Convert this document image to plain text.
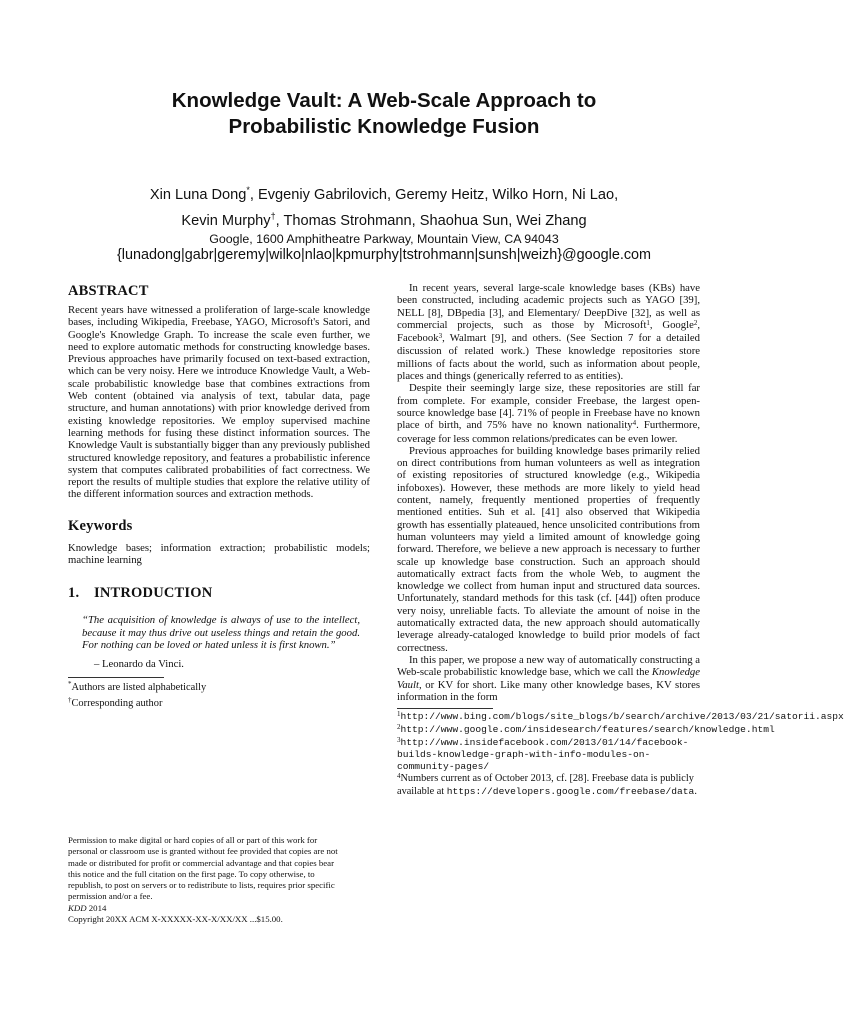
Knowledge Vault: A Web-Scale Approach to
Probabilistic Knowledge Fusion
Xin Luna Dong*, Evgeniy Gabrilovich, Geremy Heitz, Wilko Horn, Ni Lao,
Kevin Murphy†, Thomas Strohmann, Shaohua Sun, Wei Zhang
Google, 1600 Amphitheatre Parkway, Mountain View, CA 94043
{lunadong|gabr|geremy|wilko|nlao|kpmurphy|tstrohmann|sunsh|weizh}@google.com
ABSTRACT

Recent years have witnessed a proliferation of large-scale knowledge bases, including Wikipedia, Freebase, YAGO, Microsoft's Satori, and Google's Knowledge Graph. To increase the scale even further, we need to explore automatic methods for constructing knowledge bases. Previous approaches have primarily focused on text-based extraction, which can be very noisy. Here we introduce Knowledge Vault, a Web-scale probabilistic knowledge base that combines extractions from Web content (obtained via analysis of text, tabular data, page structure, and human annotations) with prior knowledge derived from existing knowledge repositories. We employ supervised machine learning methods for fusing these distinct information sources. The Knowledge Vault is substantially bigger than any previously published structured knowledge repository, and features a probabilistic inference system that computes calibrated probabilities of fact correctness. We report the results of multiple studies that explore the relative utility of the different information sources and extraction methods.

Keywords

Knowledge bases; information extraction; probabilistic models; machine learning

1. INTRODUCTION
“The acquisition of knowledge is always of use to the intellect, because it may thus drive out useless things and retain the good. For nothing can be loved or hated unless it is first known.”
– Leonardo da Vinci.
*Authors are listed alphabetically
†Corresponding author
Permission to make digital or hard copies of all or part of this work for personal or classroom use is granted without fee provided that copies are not made or distributed for profit or commercial advantage and that copies bear this notice and the full citation on the first page. To copy otherwise, to republish, to post on servers or to redistribute to lists, requires prior specific permission and/or a fee.
KDD 2014
Copyright 20XX ACM X-XXXXX-XX-X/XX/XX ...$15.00.

In recent years, several large-scale knowledge bases (KBs) have been constructed, including academic projects such as YAGO [39], NELL [8], DBpedia [3], and Elementary/ DeepDive [32], as well as commercial projects, such as those by Microsoft$^1$, Google$^2$, Facebook$^3$, Walmart [9], and others. (See Section 7 for a detailed discussion of related work.) These knowledge repositories store millions of facts about the world, such as information about people, places and things (generically referred to as entities).

Despite their seemingly large size, these repositories are still far from complete. For example, consider Freebase, the largest open-source knowledge base [4]. 71% of people in Freebase have no known place of birth, and 75% have no known nationality$^4$. Furthermore, coverage for less common relations/predicates can be even lower.

Previous approaches for building knowledge bases primarily relied on direct contributions from human volunteers as well as integration of existing repositories of structured knowledge (e.g., Wikipedia infoboxes). However, these methods are more likely to yield head content, namely, frequently mentioned properties of frequently mentioned entities. Suh et al. [41] also observed that Wikipedia growth has essentially plateaued, hence unsolicited contributions from human volunteers may yield a limited amount of knowledge going forward. Therefore, we believe a new approach is necessary to further scale up knowledge base construction. Such an approach should automatically extract facts from the whole Web, to augment the knowledge we collect from human input and structured data sources. Unfortunately, standard methods for this task (cf. [44]) often produce very noisy, unreliable facts. To alleviate the amount of noise in the automatically extracted data, the new approach should automatically leverage already-cataloged knowledge to build prior models of fact correctness.

In this paper, we propose a new way of automatically constructing a Web-scale probabilistic knowledge base, which we call the Knowledge Vault, or KV for short. Like many other knowledge bases, KV stores information in the form

$^1$http://www.bing.com/blogs/site_blogs/b/search/archive/2013/03/21/satorii.aspx
$^2$http://www.google.com/insidesearch/features/search/knowledge.html
$^3$http://www.insidefacebook.com/2013/01/14/facebook-builds-knowledge-graph-with-info-modules-on-community-pages/
$^4$Numbers current as of October 2013, cf. [28]. Freebase data is publicly available at https://developers.google.com/freebase/data.
